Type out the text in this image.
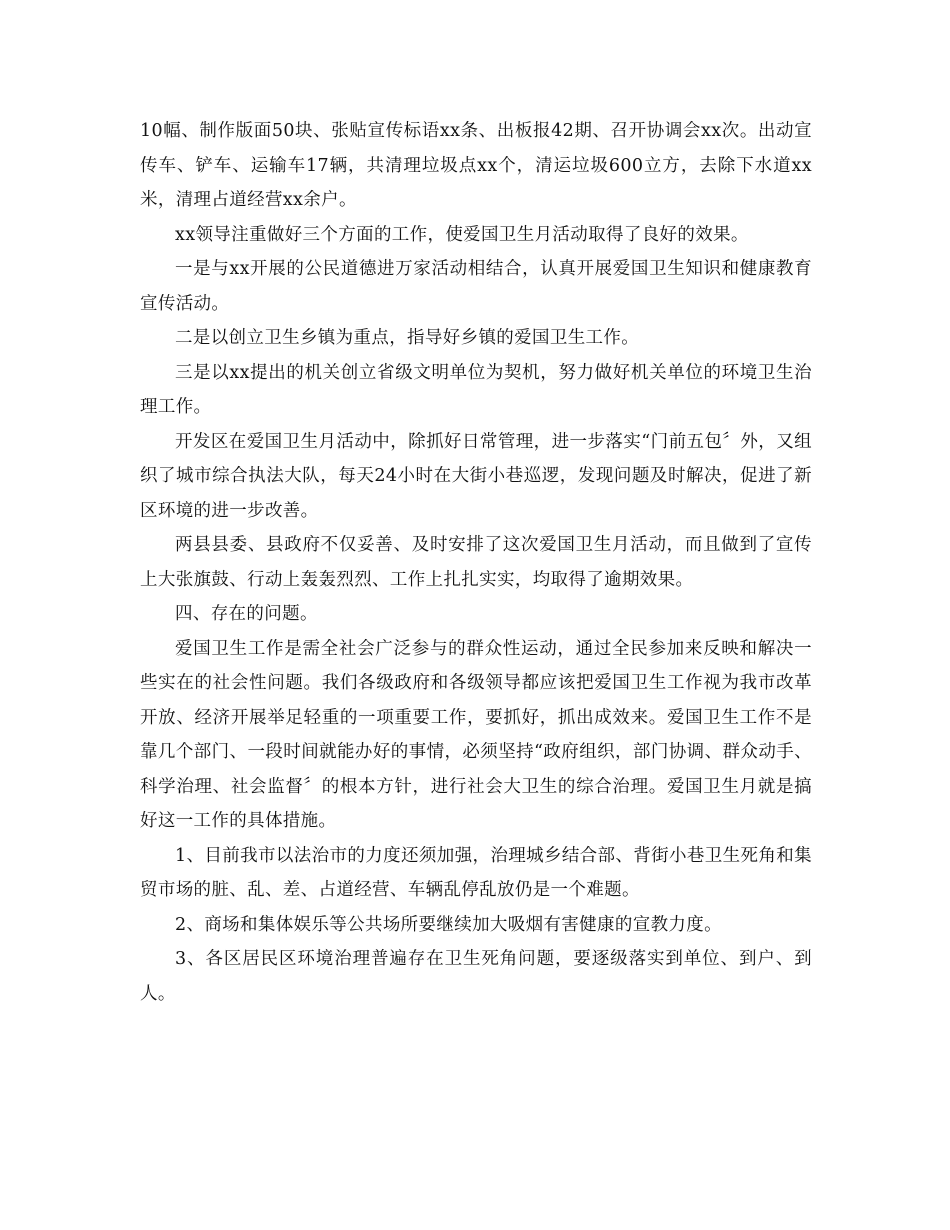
10幅、制作版面50块、张贴宣传标语xx条、出板报42期、召开协调会xx次。出动宣传车、铲车、运输车17辆，共清理垃圾点xx个，清运垃圾600立方，去除下水道xx米，清理占道经营xx余户。

xx领导注重做好三个方面的工作，使爱国卫生月活动取得了良好的效果。

一是与xx开展的公民道德进万家活动相结合，认真开展爱国卫生知识和健康教育宣传活动。

二是以创立卫生乡镇为重点，指导好乡镇的爱国卫生工作。

三是以xx提出的机关创立省级文明单位为契机，努力做好机关单位的环境卫生治理工作。

开发区在爱国卫生月活动中，除抓好日常管理，进一步落实“门前五包〞外，又组织了城市综合执法大队，每天24小时在大街小巷巡逻，发现问题及时解决，促进了新区环境的进一步改善。

两县县委、县政府不仅妥善、及时安排了这次爱国卫生月活动，而且做到了宣传上大张旗鼓、行动上轰轰烈烈、工作上扎扎实实，均取得了逾期效果。

四、存在的问题。

爱国卫生工作是需全社会广泛参与的群众性运动，通过全民参加来反映和解决一些实在的社会性问题。我们各级政府和各级领导都应该把爱国卫生工作视为我市改革开放、经济开展举足轻重的一项重要工作，要抓好，抓出成效来。爱国卫生工作不是靠几个部门、一段时间就能办好的事情，必须坚持“政府组织，部门协调、群众动手、科学治理、社会监督〞的根本方针，进行社会大卫生的综合治理。爱国卫生月就是搞好这一工作的具体措施。

1、目前我市以法治市的力度还须加强，治理城乡结合部、背街小巷卫生死角和集贸市场的脏、乱、差、占道经营、车辆乱停乱放仍是一个难题。

2、商场和集体娱乐等公共场所要继续加大吸烟有害健康的宣教力度。

3、各区居民区环境治理普遍存在卫生死角问题，要逐级落实到单位、到户、到人。
